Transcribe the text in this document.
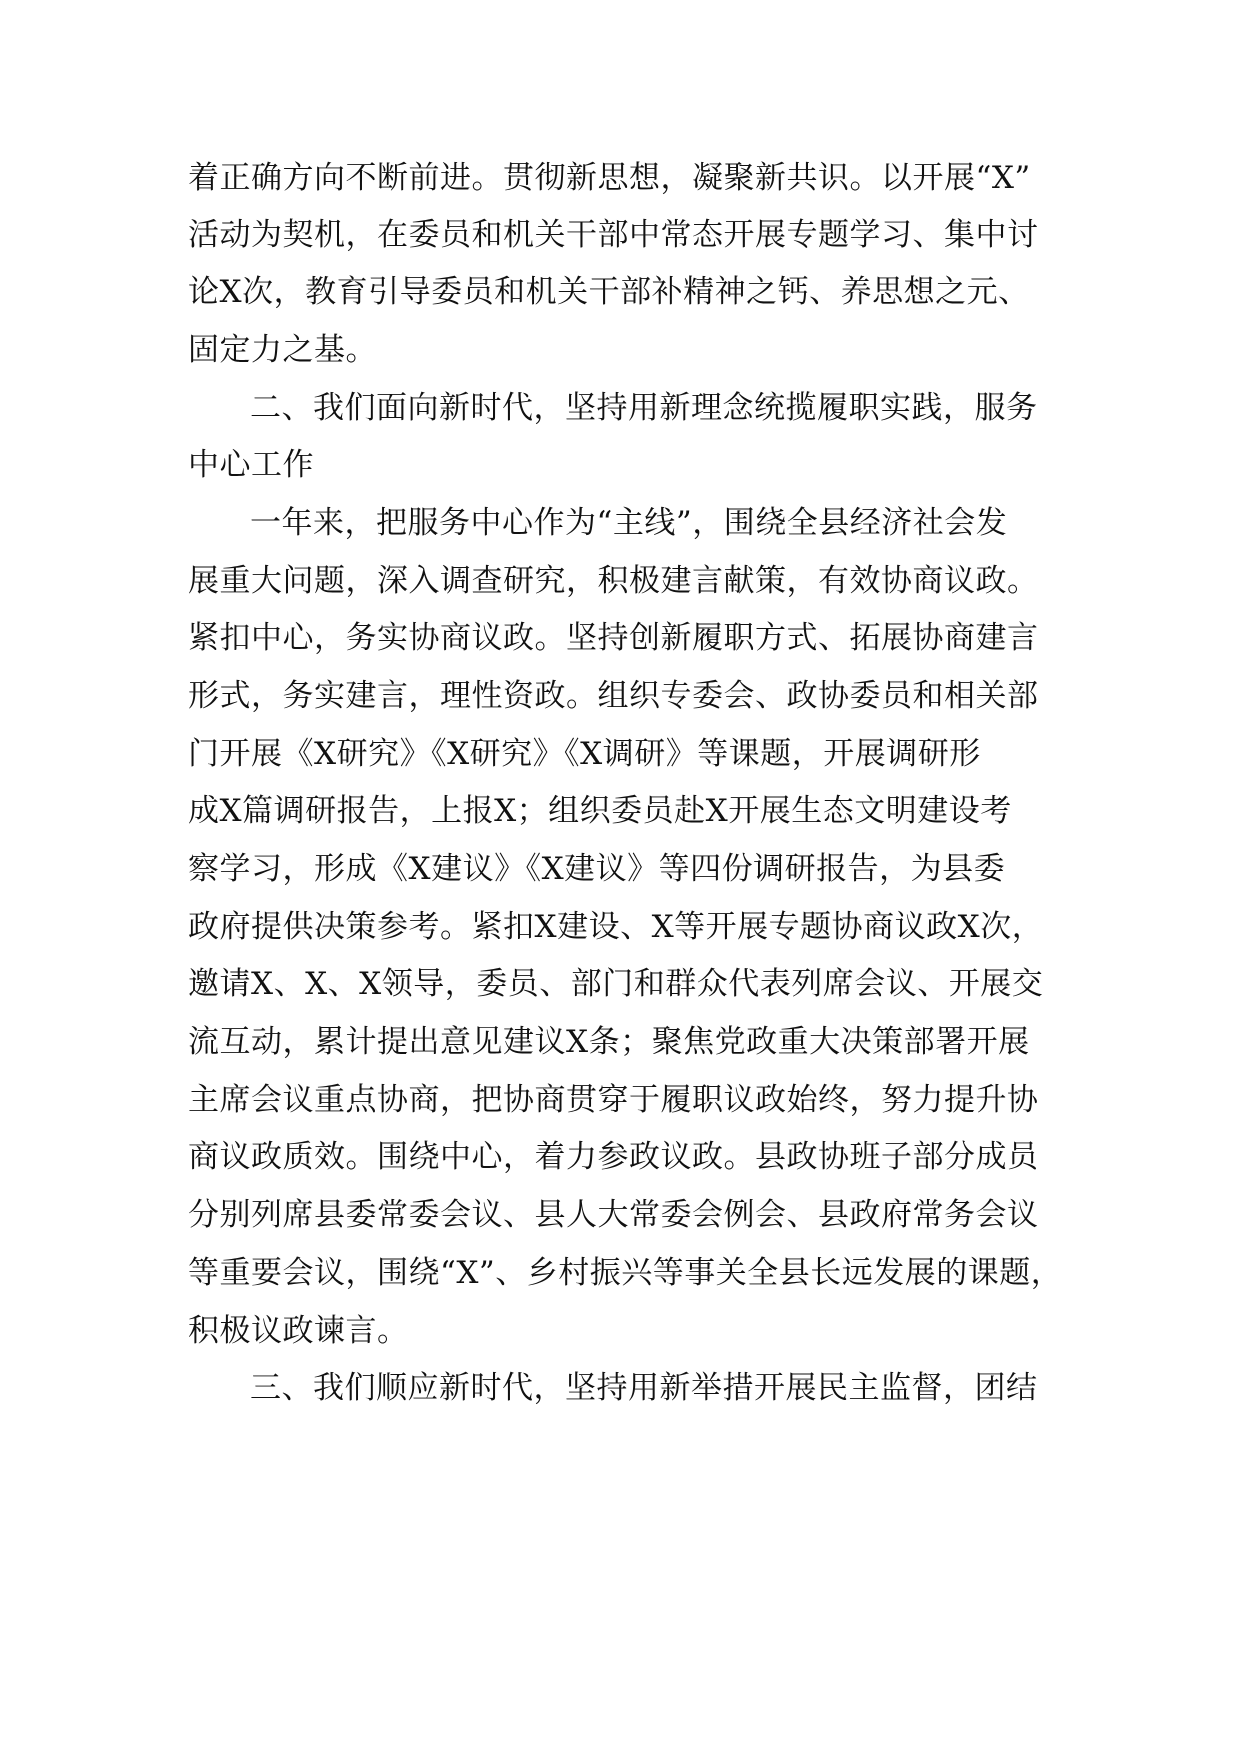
着正确方向不断前进。贯彻新思想，凝聚新共识。以开展“X”
活动为契机，在委员和机关干部中常态开展专题学习、集中讨
论X次，教育引导委员和机关干部补精神之钙、养思想之元、
固定力之基。
二、我们面向新时代，坚持用新理念统揽履职实践，服务
中心工作
一年来，把服务中心作为“主线”，围绕全县经济社会发
展重大问题，深入调查研究，积极建言献策，有效协商议政。
紧扣中心，务实协商议政。坚持创新履职方式、拓展协商建言
形式，务实建言，理性资政。组织专委会、政协委员和相关部
门开展《X研究》《X研究》《X调研》等课题，开展调研形
成X篇调研报告，上报X；组织委员赴X开展生态文明建设考
察学习，形成《X建议》《X建议》等四份调研报告，为县委
政府提供决策参考。紧扣X建设、X等开展专题协商议政X次，
邀请X、X、X领导，委员、部门和群众代表列席会议、开展交
流互动，累计提出意见建议X条；聚焦党政重大决策部署开展
主席会议重点协商，把协商贯穿于履职议政始终，努力提升协
商议政质效。围绕中心，着力参政议政。县政协班子部分成员
分别列席县委常委会议、县人大常委会例会、县政府常务会议
等重要会议，围绕“X”、乡村振兴等事关全县长远发展的课题，
积极议政谏言。
三、我们顺应新时代，坚持用新举措开展民主监督，团结
